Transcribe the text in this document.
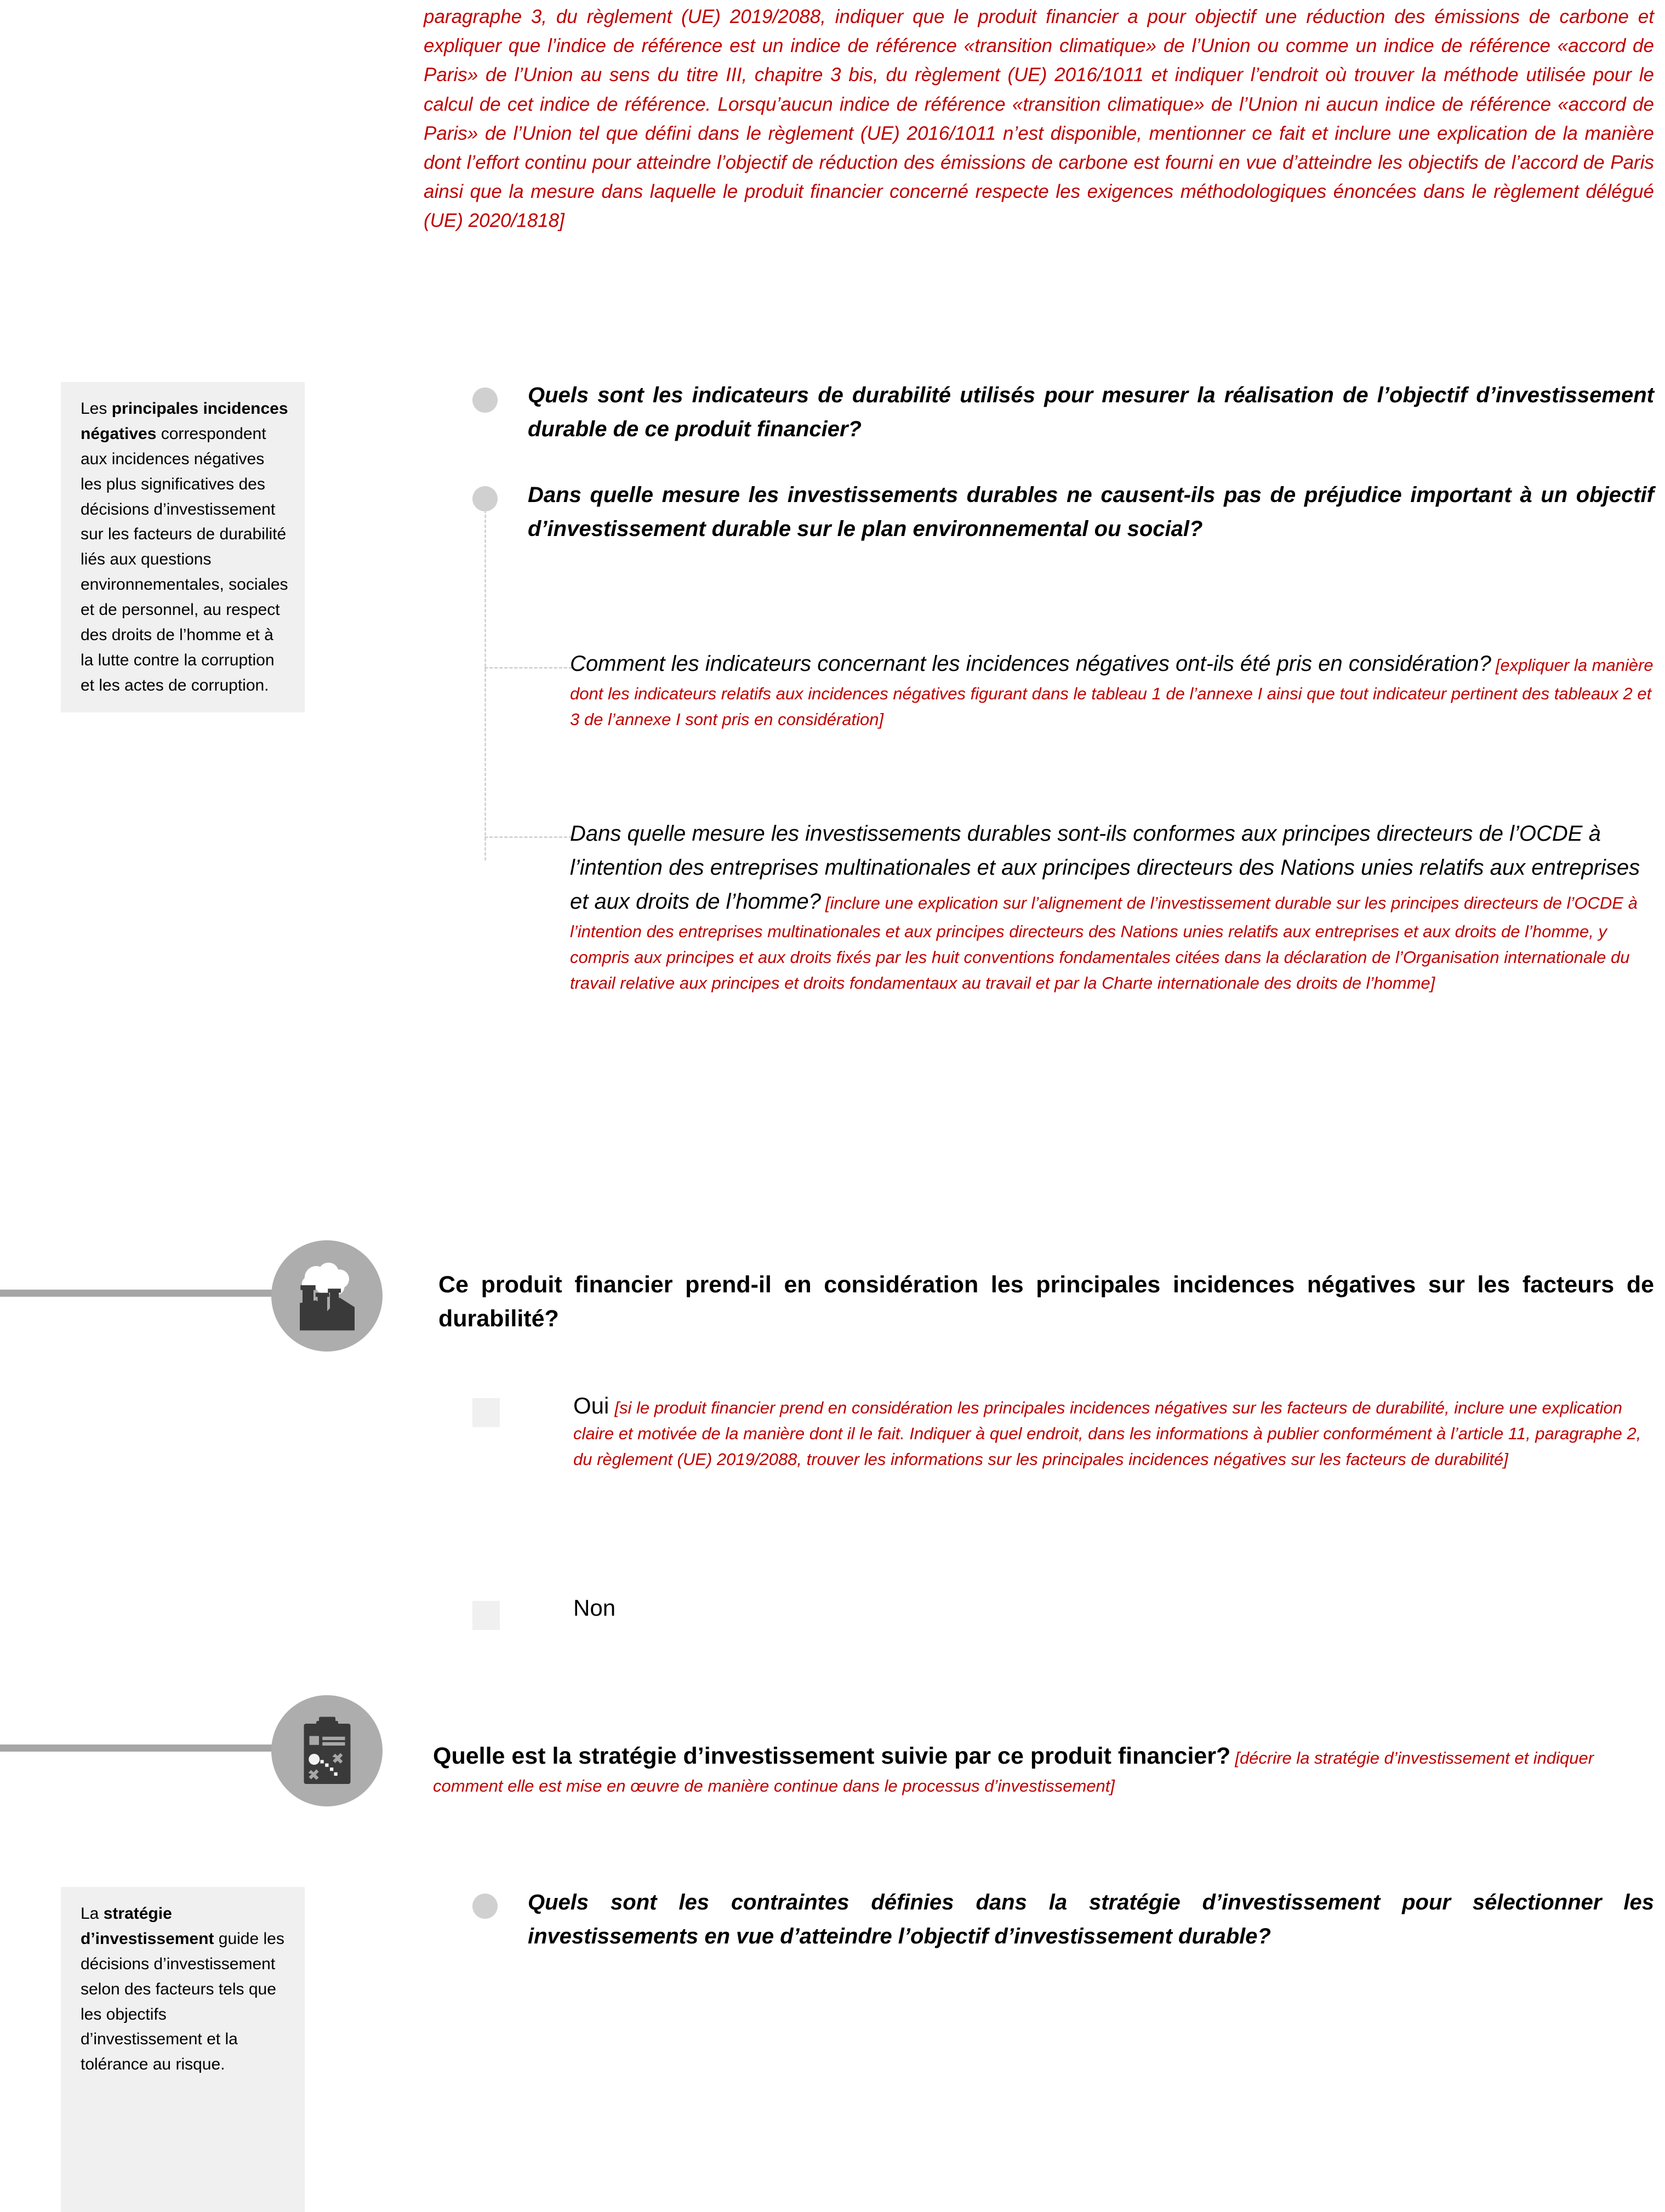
paragraphe 3, du règlement (UE) 2019/2088, indiquer que le produit financier a pour objectif une réduction des émissions de carbone et expliquer que l’indice de référence est un indice de référence «transition climatique» de l’Union ou comme un indice de référence «accord de Paris» de l’Union au sens du titre III, chapitre 3 bis, du règlement (UE) 2016/1011 et indiquer l’endroit où trouver la méthode utilisée pour le calcul de cet indice de référence. Lorsqu’aucun indice de référence «transition climatique» de l’Union ni aucun indice de référence «accord de Paris» de l’Union tel que défini dans le règlement (UE) 2016/1011 n’est disponible, mentionner ce fait et inclure une explication de la manière dont l’effort continu pour atteindre l’objectif de réduction des émissions de carbone est fourni en vue d’atteindre les objectifs de l’accord de Paris ainsi que la mesure dans laquelle le produit financier concerné respecte les exigences méthodologiques énoncées dans le règlement délégué (UE) 2020/1818]
Les principales incidences négatives correspondent aux incidences négatives les plus significatives des décisions d’investissement sur les facteurs de durabilité liés aux questions environnementales, sociales et de personnel, au respect des droits de l’homme et à la lutte contre la corruption et les actes de corruption.
Quels sont les indicateurs de durabilité utilisés pour mesurer la réalisation de l’objectif d’investissement durable de ce produit financier?
Dans quelle mesure les investissements durables ne causent-ils pas de préjudice important à un objectif d’investissement durable sur le plan environnemental ou social?
Comment les indicateurs concernant les incidences négatives ont-ils été pris en considération? [expliquer la manière dont les indicateurs relatifs aux incidences négatives figurant dans le tableau 1 de l’annexe I ainsi que tout indicateur pertinent des tableaux 2 et 3 de l’annexe I sont pris en considération]
Dans quelle mesure les investissements durables sont-ils conformes aux principes directeurs de l’OCDE à l’intention des entreprises multinationales et aux principes directeurs des Nations unies relatifs aux entreprises et aux droits de l’homme? [inclure une explication sur l’alignement de l’investissement durable sur les principes directeurs de l’OCDE à l’intention des entreprises multinationales et aux principes directeurs des Nations unies relatifs aux entreprises et aux droits de l’homme, y compris aux principes et aux droits fixés par les huit conventions fondamentales citées dans la déclaration de l’Organisation internationale du travail relative aux principes et droits fondamentaux au travail et par la Charte internationale des droits de l’homme]
Ce produit financier prend-il en considération les principales incidences négatives sur les facteurs de durabilité?
Oui [si le produit financier prend en considération les principales incidences négatives sur les facteurs de durabilité, inclure une explication claire et motivée de la manière dont il le fait. Indiquer à quel endroit, dans les informations à publier conformément à l’article 11, paragraphe 2, du règlement (UE) 2019/2088, trouver les informations sur les principales incidences négatives sur les facteurs de durabilité]
Non
Quelle est la stratégie d’investissement suivie par ce produit financier? [décrire la stratégie d’investissement et indiquer comment elle est mise en œuvre de manière continue dans le processus d’investissement]
Quels sont les contraintes définies dans la stratégie d’investissement pour sélectionner les investissements en vue d’atteindre l’objectif d’investissement durable?
La stratégie d’investissement guide les décisions d’investissement selon des facteurs tels que les objectifs d’investissement et la tolérance au risque.
